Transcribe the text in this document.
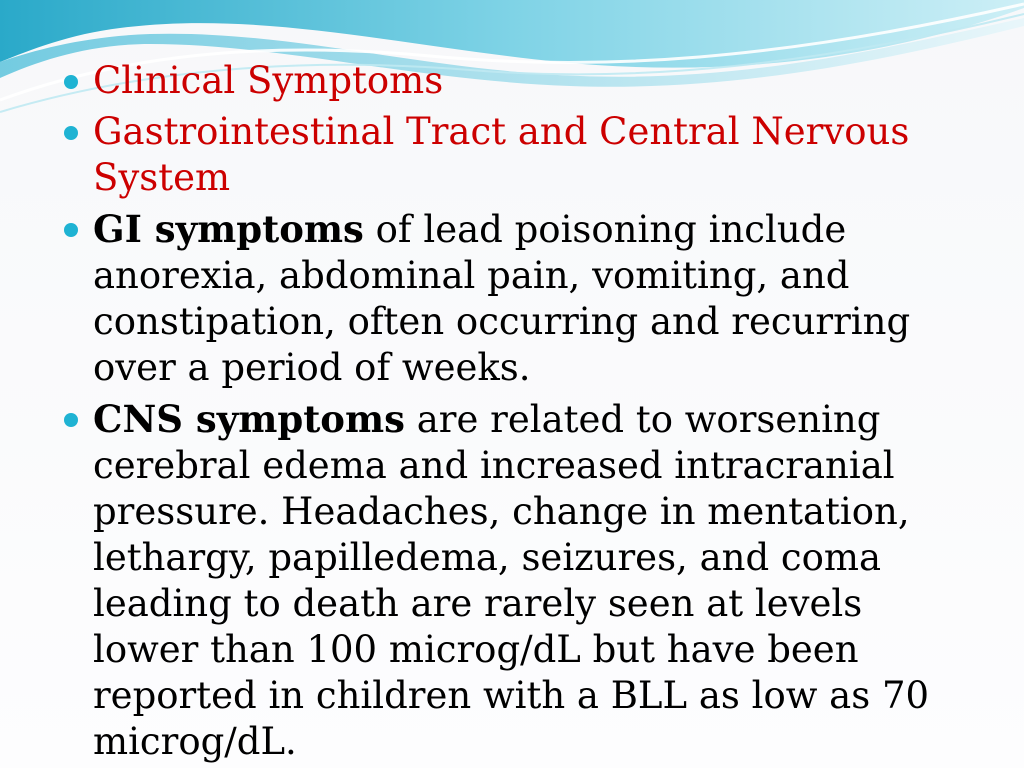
Clinical Symptoms
Gastrointestinal Tract and Central Nervous System
GI symptoms of lead poisoning include anorexia, abdominal pain, vomiting, and constipation, often occurring and recurring over a period of weeks.
CNS symptoms are related to worsening cerebral edema and increased intracranial pressure. Headaches, change in mentation, lethargy, papilledema, seizures, and coma leading to death are rarely seen at levels lower than 100 microg/dL but have been reported in children with a BLL as low as 70 microg/dL.
